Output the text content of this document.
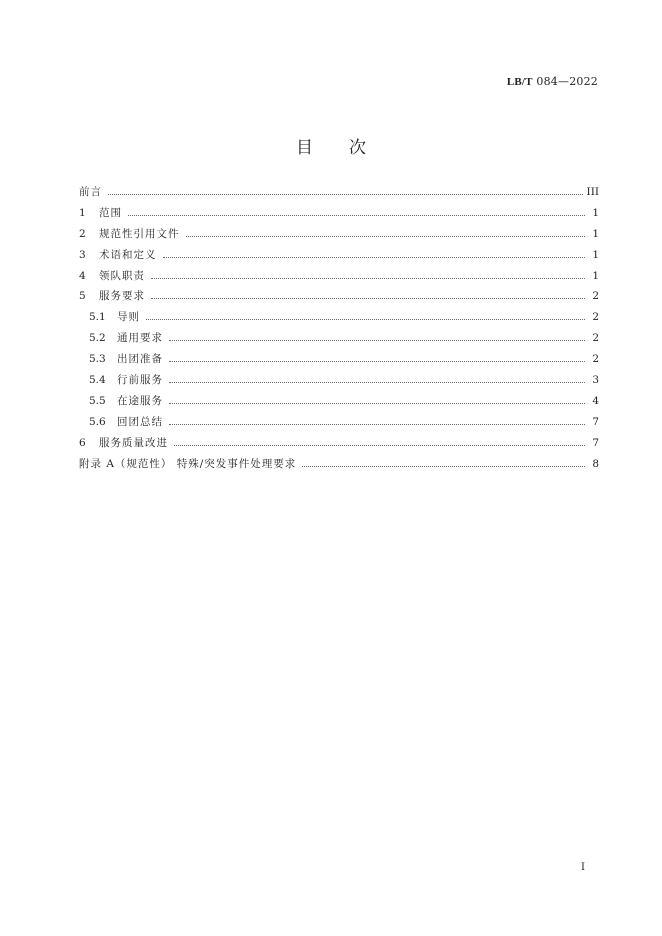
LB/T 084—2022
目次
前言	III
1	范围	1
2	规范性引用文件	1
3	术语和定义	1
4	领队职责	1
5	服务要求	2
5.1	导则	2
5.2	通用要求	2
5.3	出团准备	2
5.4	行前服务	3
5.5	在途服务	4
5.6	回团总结	7
6	服务质量改进	7
附录 A（规范性） 特殊/突发事件处理要求	8
I
